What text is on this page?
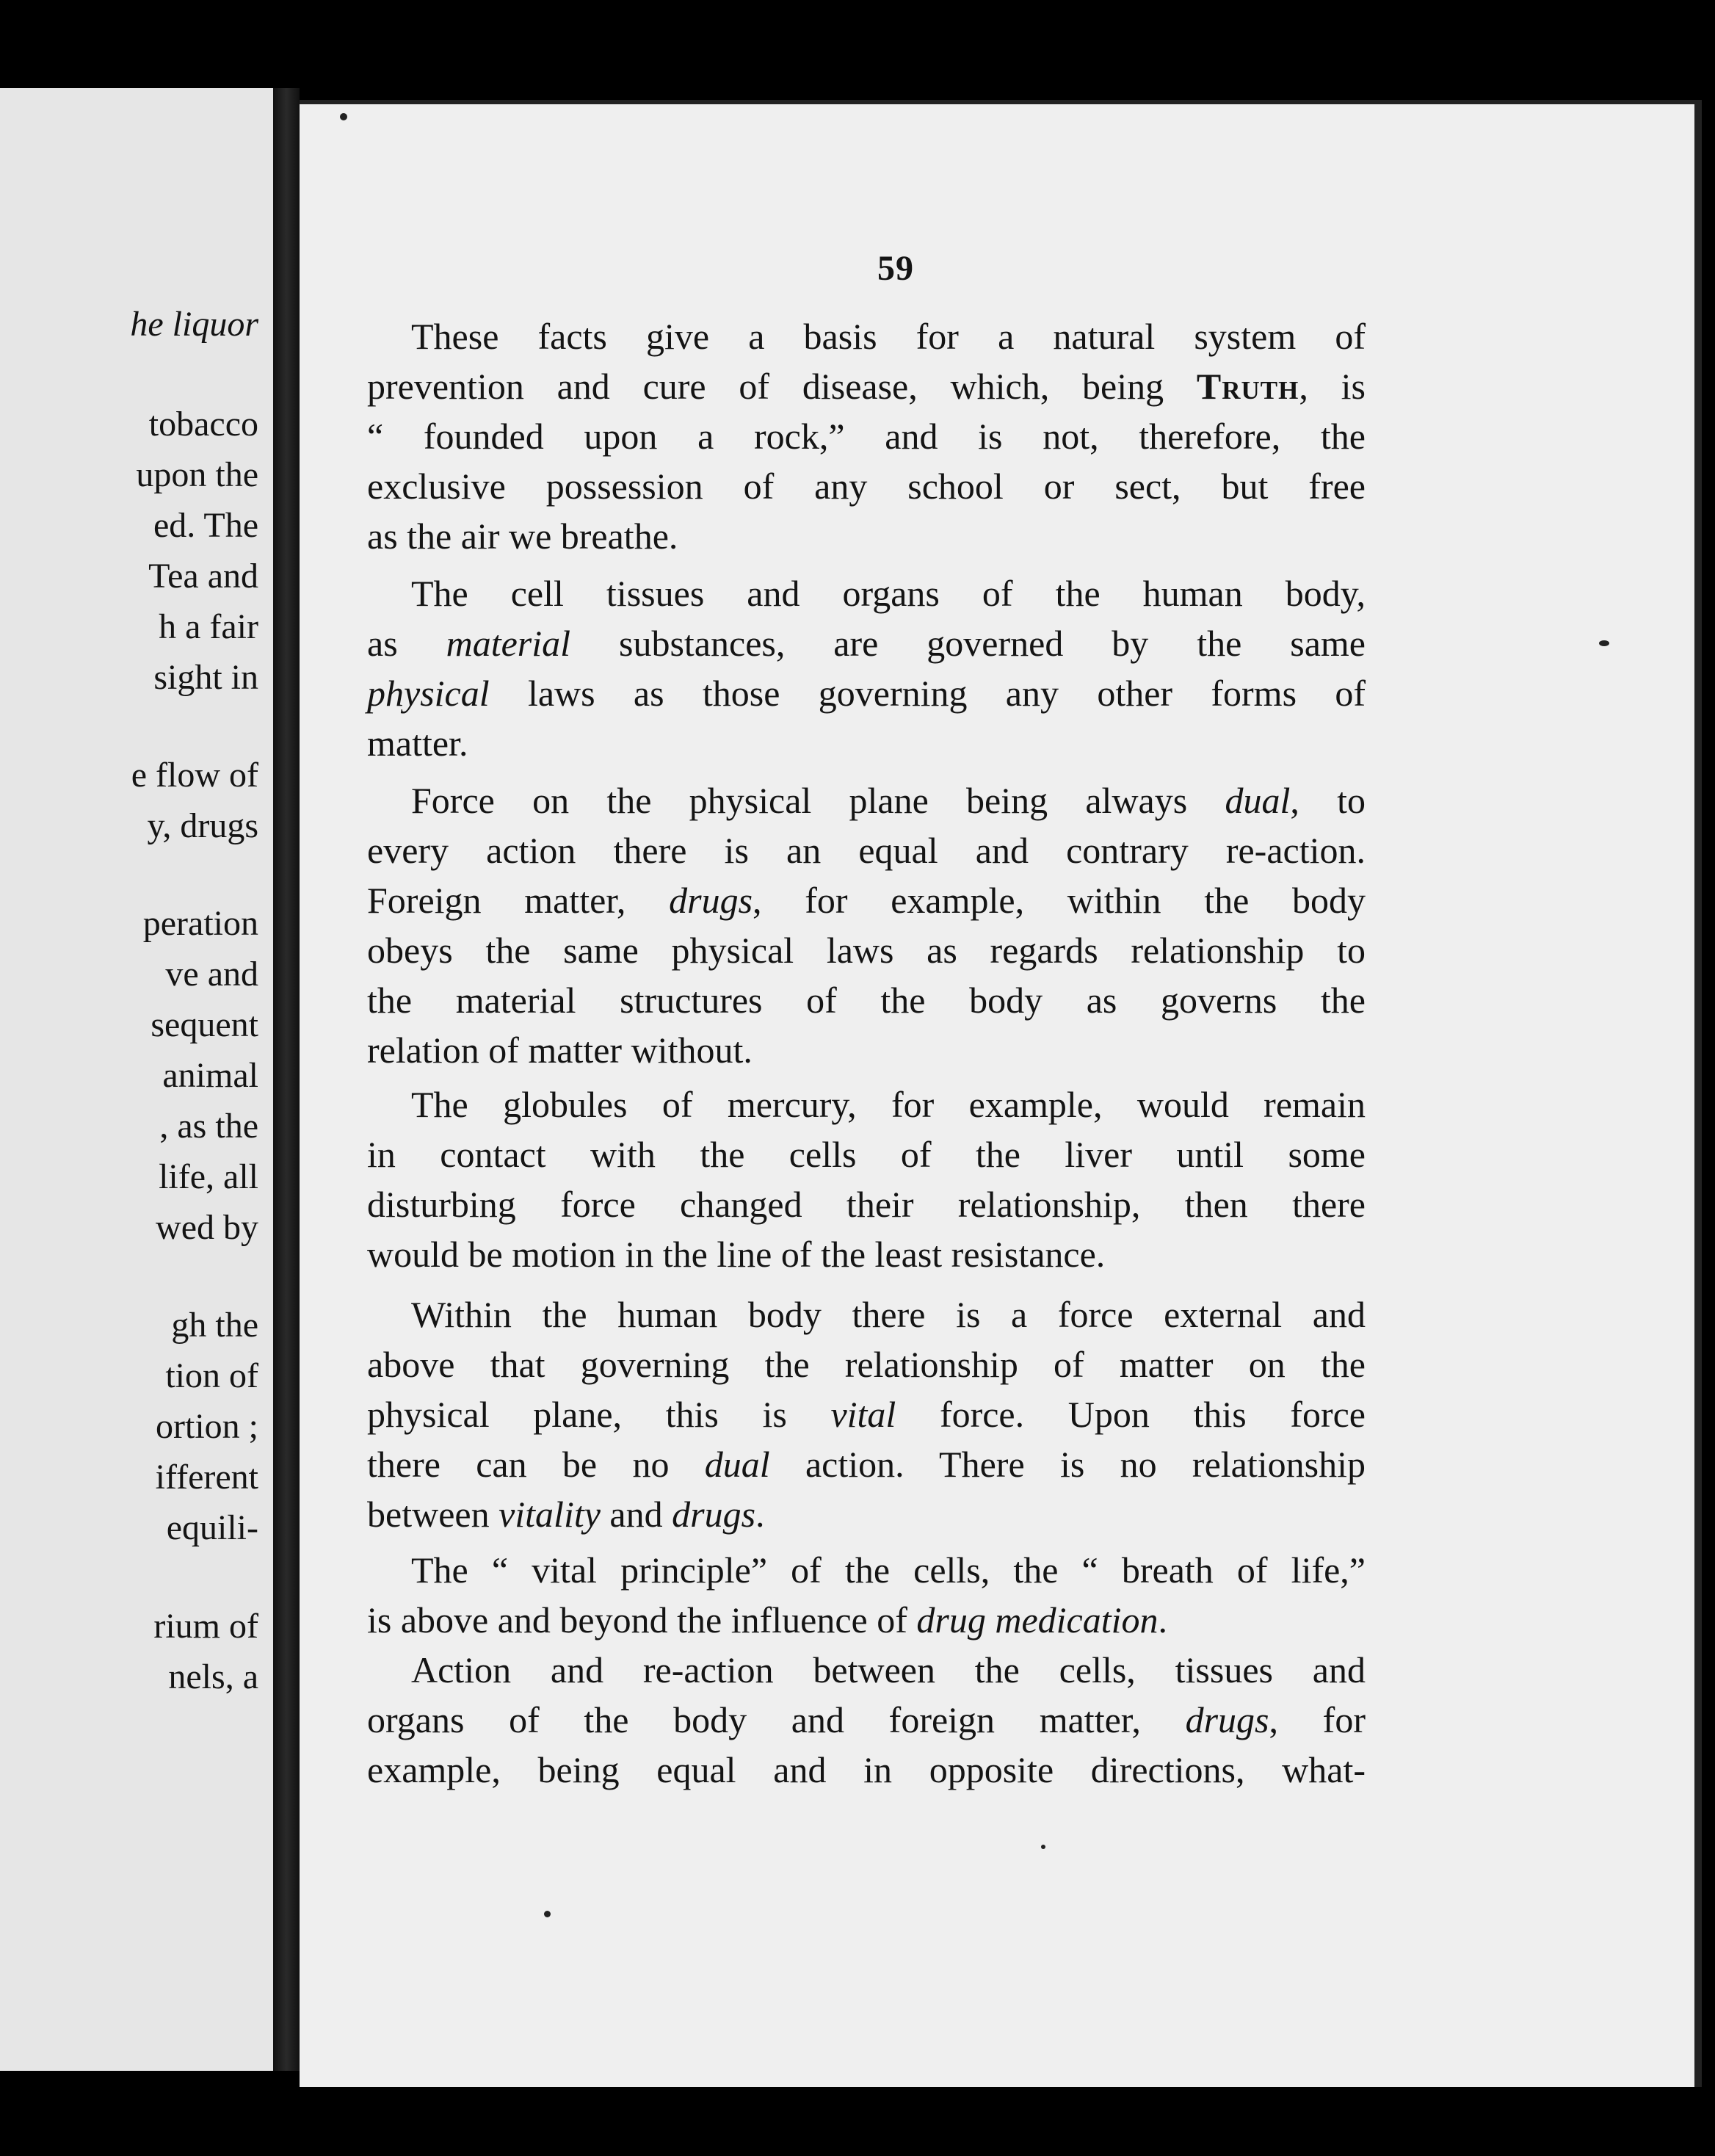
he liquor
tobacco
upon the
ed. The
Tea and
h a fair
sight in
e flow of
y, drugs
peration
ve and
sequent
animal
, as the
life, all
wed by
gh the
tion of
ortion ;
ifferent
equili-
rium of
nels, a
59
These facts give a basis for a natural system of
prevention and cure of disease, which, being Truth, is
“ founded upon a rock,” and is not, therefore, the
exclusive possession of any school or sect, but free
as the air we breathe.
The cell tissues and organs of the human body,
as material substances, are governed by the same
physical laws as those governing any other forms of
matter.
Force on the physical plane being always dual, to
every action there is an equal and contrary re-action.
Foreign matter, drugs, for example, within the body
obeys the same physical laws as regards relationship to
the material structures of the body as governs the
relation of matter without.
The globules of mercury, for example, would remain
in contact with the cells of the liver until some
disturbing force changed their relationship, then there
would be motion in the line of the least resistance.
Within the human body there is a force external and
above that governing the relationship of matter on the
physical plane, this is vital force. Upon this force
there can be no dual action. There is no relationship
between vitality and drugs.
The “ vital principle” of the cells, the “ breath of life,”
is above and beyond the influence of drug medication.
Action and re-action between the cells, tissues and
organs of the body and foreign matter, drugs, for
example, being equal and in opposite directions, what-
